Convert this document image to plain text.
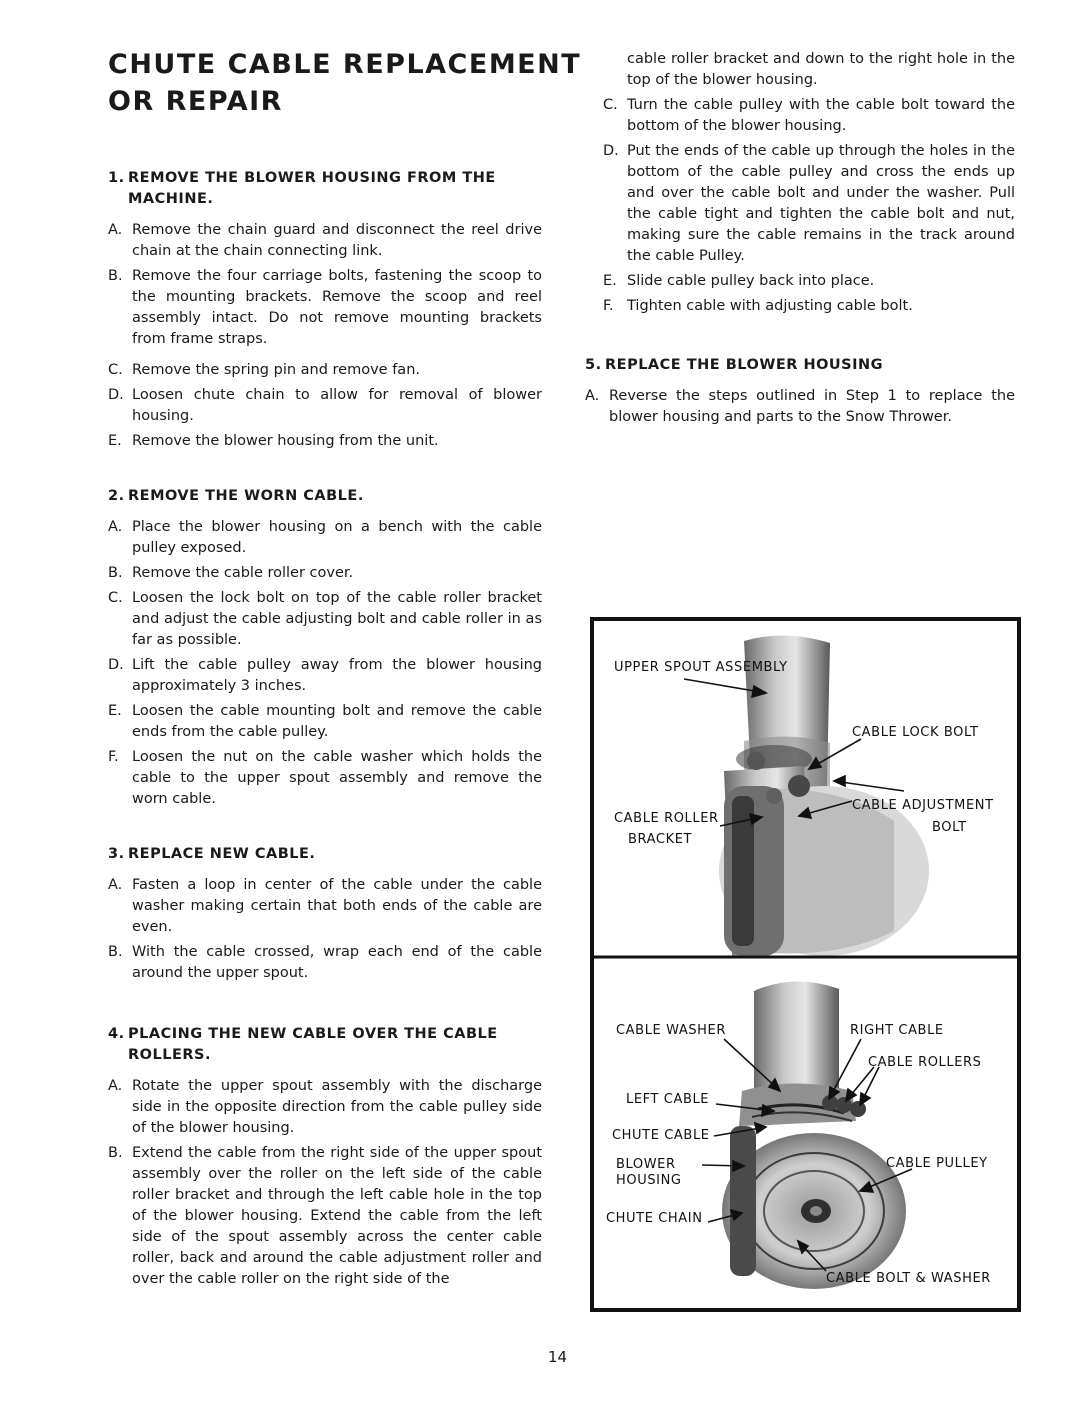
CHUTE CABLE REPLACEMENT
OR REPAIR
1 . REMOVE THE BLOWER HOUSING FROM THE MACHINE.
A . Remove the chain guard and disconnect the reel drive chain at the chain connecting link.
B . Remove the four carriage bolts, fastening the scoop to the mounting brackets. Remove the scoop and reel assembly intact. Do not remove mounting brackets from frame straps.
C . Remove the spring pin and remove fan.
D . Loosen chute chain to allow for removal of blower housing.
E .	Remove the blower housing from the unit.
2 . REMOVE THE WORN CABLE.
A . Place the blower housing on a bench with the cable pulley exposed.
B . Remove the cable roller cover.
C . Loosen the lock bolt on top of the cable roller bracket and adjust the cable adjusting bolt and cable roller in as far as possible.
D . Lift the cable pulley away from the blower housing approximately 3 inches.
E .	Loosen the cable mounting bolt and remove the cable ends from the cable pulley.
F .	Loosen the nut on the cable washer which holds the cable to the upper spout assembly and remove the worn cable.
3 . REPLACE NEW CABLE.
A . Fasten a loop in center of the cable under the cable washer making certain that both ends of the cable are even.
B . With the cable crossed, wrap each end of the cable around the upper spout.
4 . PLACING THE NEW CABLE OVER THE CABLE ROLLERS.
A . Rotate the upper spout assembly with the discharge side in the opposite direction from the cable pulley side of the blower housing.
B . Extend the cable from the right side of the upper spout assembly over the roller on the left side of the cable roller bracket and through the left cable hole in the top of the blower housing. Extend the cable from the left side of the spout assembly across the center cable roller, back and around the cable adjustment roller and over the cable roller on the right side of the
cable roller bracket and down to the right hole in the top of the blower housing.
C . Turn the cable pulley with the cable bolt toward the bottom of the blower housing.
D . Put the ends of the cable up through the holes in the bottom of the cable pulley and cross the ends up and over the cable bolt and under the washer. Pull the cable tight and tighten the cable bolt and nut, making sure the cable remains in the track around the cable Pulley.
E .	Slide cable pulley back into place.
F .	Tighten cable with adjusting cable bolt.
5 . REPLACE THE BLOWER HOUSING
A . Reverse the steps outlined in Step 1 to replace the blower housing and parts to the Snow Thrower.
UPPER SPOUT ASSEMBLY
CABLE LOCK BOLT
CABLE ADJUSTMENT
BOLT
CABLE ROLLER
BRACKET
CABLE WASHER	RIGHT CABLE
CABLE ROLLERS
LEFT CABLE
CHUTE CABLE
BLOWER
HOUSING
CABLE PULLEY
CHUTE CHAIN
CABLE BOLT & WASHER
14
